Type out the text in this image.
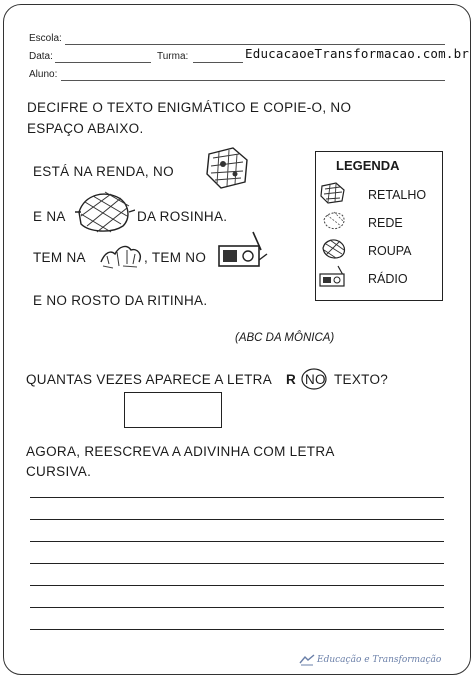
Escola:
Data:	Turma:	EducacaoeTransformacao.com.br
Aluno:
DECIFRE O TEXTO ENIGMÁTICO E COPIE-O, NO
ESPAÇO ABAIXO.
ESTÁ NA RENDA, NO
E NA	DA ROSINHA.
TEM NA	, TEM NO
E NO ROSTO DA RITINHA.
(ABC DA MÔNICA)
LEGENDA
RETALHO
REDE
ROUPA
RÁDIO
QUANTAS VEZES APARECE A LETRA R NO TEXTO?
AGORA, REESCREVA A ADIVINHA COM LETRA
CURSIVA.
Educação e Transformação
